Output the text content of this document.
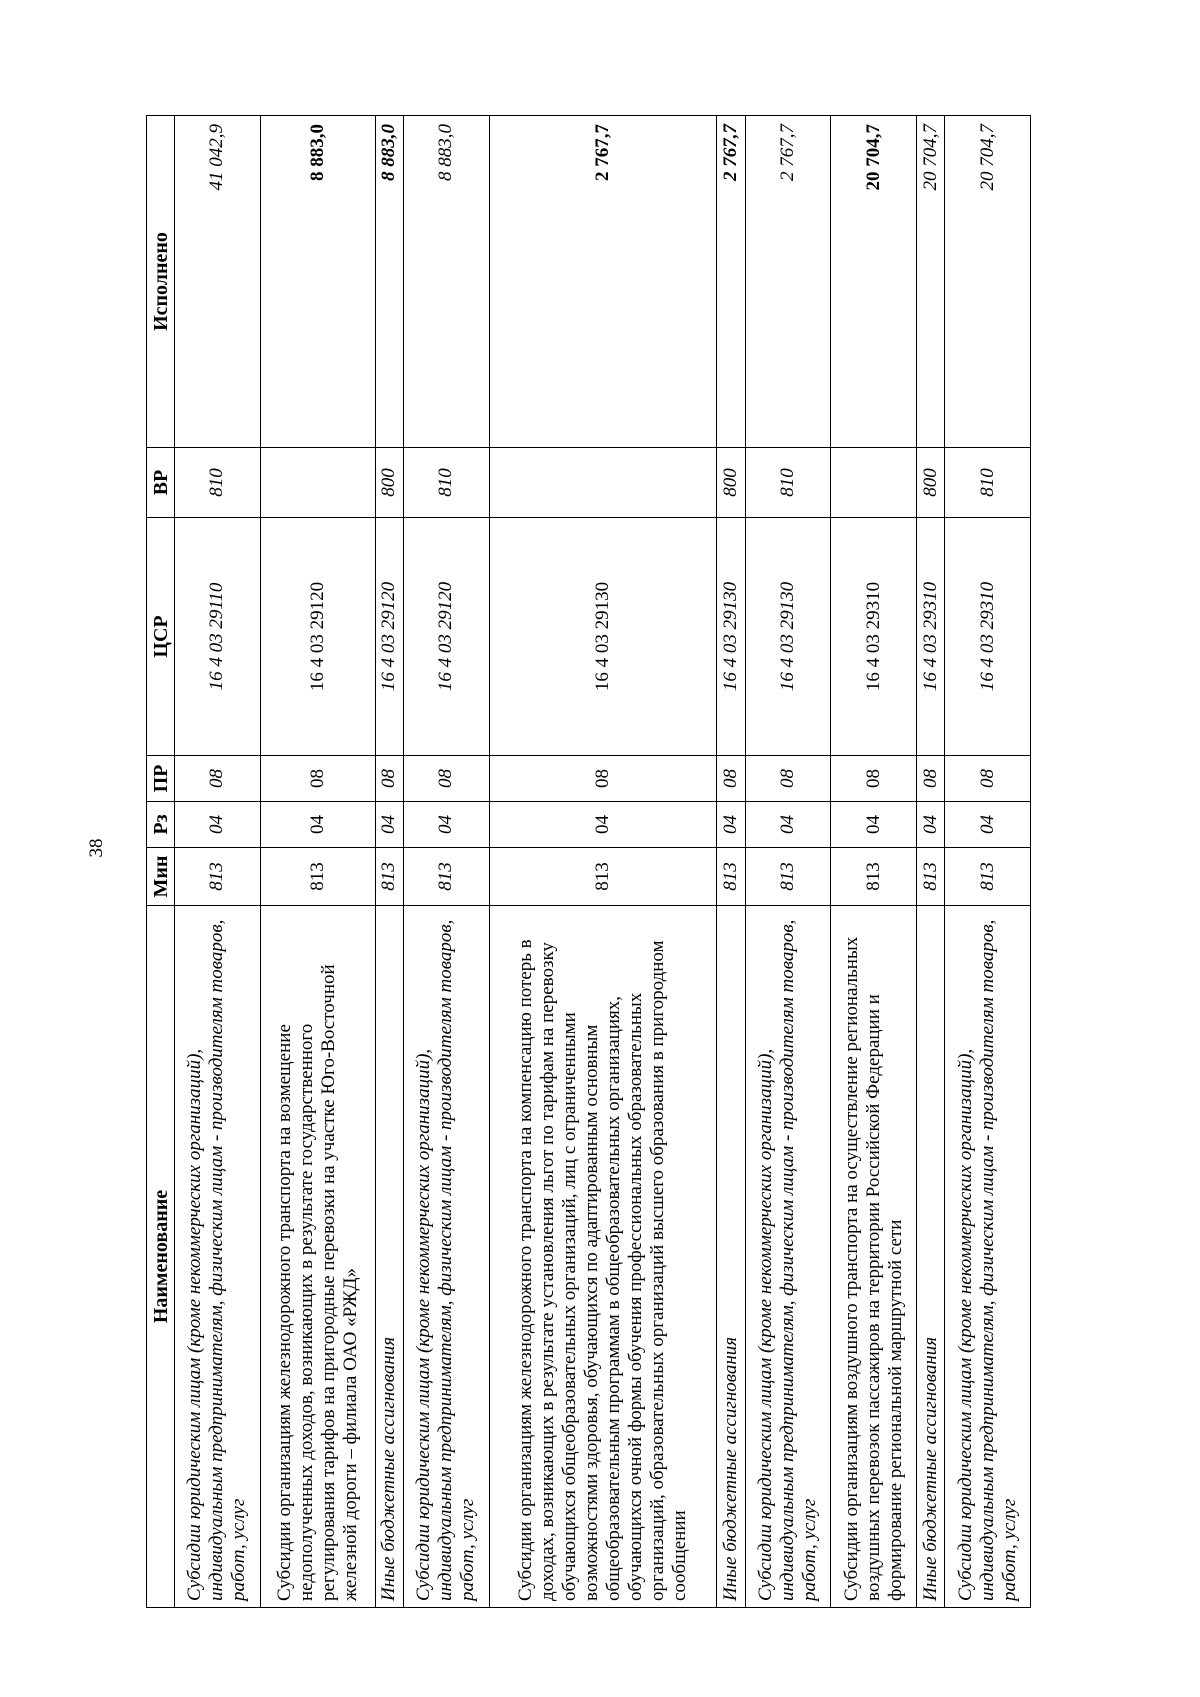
38
Наименование	Мин	Рз	ПР	ЦСР	ВР	Исполнено
Субсидии юридическим лицам (кроме некоммерческих организаций), индивидуальным предпринимателям, физическим лицам - производителям товаров, работ, услуг	813	04	08	16 4 03 29110	810	41 042,9
Субсидии организациям железнодорожного транспорта на возмещение недополученных доходов, возникающих в результате государственного регулирования тарифов на пригородные перевозки на участке Юго-Восточной железной дороги – филиала ОАО «РЖД»	813	04	08	16 4 03 29120		8 883,0
Иные бюджетные ассигнования	813	04	08	16 4 03 29120	800	8 883,0
Субсидии юридическим лицам (кроме некоммерческих организаций), индивидуальным предпринимателям, физическим лицам - производителям товаров, работ, услуг	813	04	08	16 4 03 29120	810	8 883,0
Субсидии организациям железнодорожного транспорта на компенсацию потерь в доходах, возникающих в результате установления льгот по тарифам на перевозку обучающихся общеобразовательных организаций, лиц с ограниченными возможностями здоровья, обучающихся по адаптированным основным общеобразовательным программам в общеобразовательных организациях, обучающихся очной формы обучения профессиональных образовательных организаций, образовательных организаций высшего образования в пригородном сообщении	813	04	08	16 4 03 29130		2 767,7
Иные бюджетные ассигнования	813	04	08	16 4 03 29130	800	2 767,7
Субсидии юридическим лицам (кроме некоммерческих организаций), индивидуальным предпринимателям, физическим лицам - производителям товаров, работ, услуг	813	04	08	16 4 03 29130	810	2 767,7
Субсидии организациям воздушного транспорта на осуществление региональных воздушных перевозок пассажиров на территории Российской Федерации и формирование региональной маршрутной сети	813	04	08	16 4 03 29310		20 704,7
Иные бюджетные ассигнования	813	04	08	16 4 03 29310	800	20 704,7
Субсидии юридическим лицам (кроме некоммерческих организаций), индивидуальным предпринимателям, физическим лицам - производителям товаров, работ, услуг	813	04	08	16 4 03 29310	810	20 704,7
